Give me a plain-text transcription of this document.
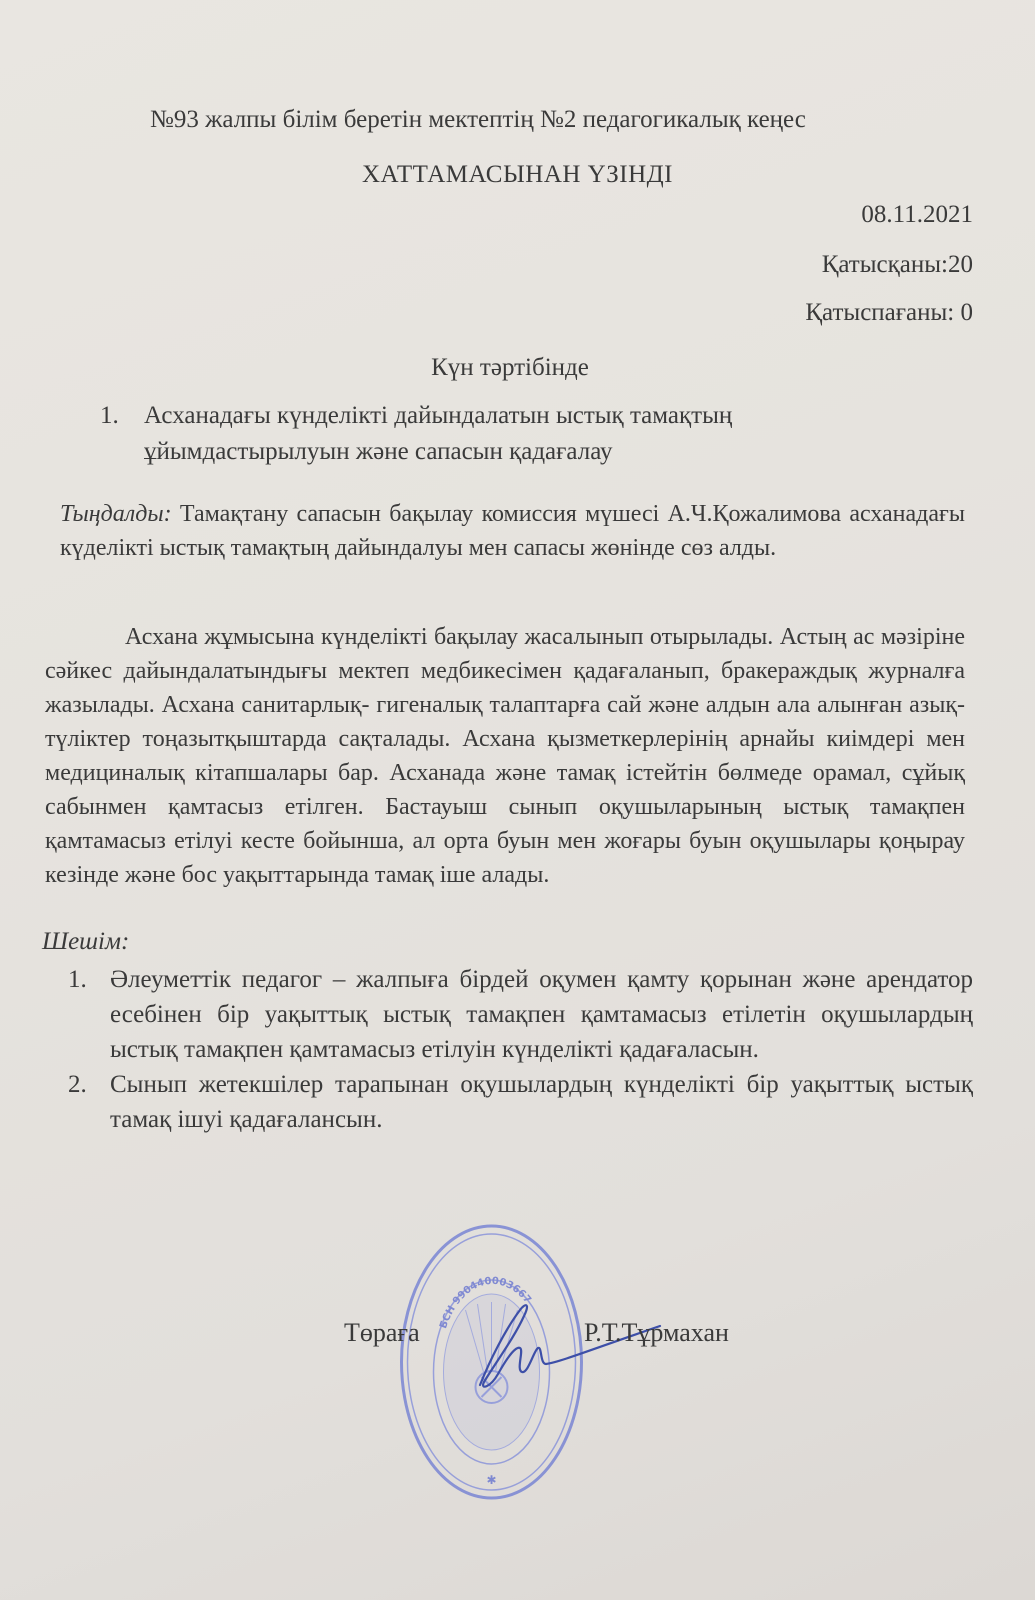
№93 жалпы білім беретін мектептің №2 педагогикалық кеңес
ХАТТАМАСЫНАН ҮЗІНДІ
08.11.2021
Қатысқаны:20
Қатыспағаны: 0
Күн тәртібінде
1. Асханадағы күнделікті дайындалатын ыстық тамақтың ұйымдастырылуын және сапасын қадағалау
Тыңдалды: Тамақтану сапасын бақылау комиссия мүшесі А.Ч.Қожалимова асханадағы күделікті ыстық тамақтың дайындалуы мен сапасы жөнінде сөз алды.
Асхана жұмысына күнделікті бақылау жасалынып отырылады. Астың ас мәзіріне сәйкес дайындалатындығы мектеп медбикесімен қадағаланып, бракераждық журналға жазылады. Асхана санитарлық- гигеналық талаптарға сай және алдын ала алынған азық- түліктер тоңазытқыштарда сақталады. Асхана қызметкерлерінің арнайы киімдері мен медициналық кітапшалары бар. Асханада және тамақ істейтін бөлмеде орамал, сұйық сабынмен қамтасыз етілген. Бастауыш сынып оқушыларының ыстық тамақпен қамтамасыз етілуі кесте бойынша, ал орта буын мен жоғары буын оқушылары қоңырау кезінде және бос уақыттарында тамақ іше алады.
Шешім:
1. Әлеуметтік педагог – жалпыға бірдей оқумен қамту қорынан және арендатор есебінен бір уақыттық ыстық тамақпен қамтамасыз етілетін оқушылардың ыстық тамақпен қамтамасыз етілуін күнделікті қадағаласын.
2. Сынып жетекшілер тарапынан оқушылардың күнделікті бір уақыттық ыстық тамақ ішуі қадағалансын.
БСН 990440003667
✱
Төраға	Р.Т.Тұрмахан
